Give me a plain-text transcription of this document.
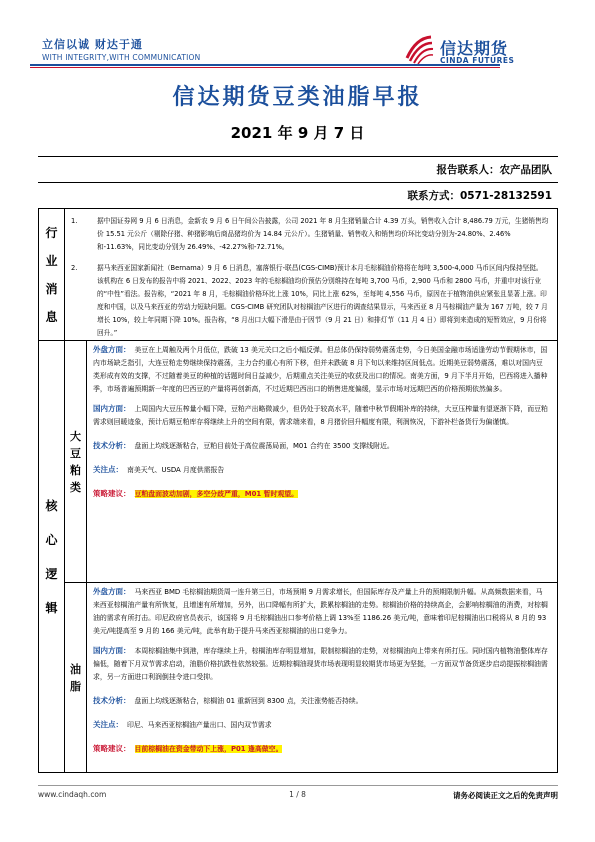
立信以诚 财达于通
WITH INTEGRITY,WITH COMMUNICATION	信达期货
CINDA FUTURES
信达期货豆类油脂早报
2021 年 9 月 7 日
报告联系人：农产品团队
联系方式：0571-28132591
行业消息	1. 据中国证券网 9 月 6 日消息，金新农 9 月 6 日午间公告披露，公司 2021 年 8 月生猪销量合计 4.39 万头，销售收入合计 8,486.79 万元，生猪销售均价 15.51 元公斤（剔除仔猪、种猪影响后商品猪均价为 14.84 元公斤）。生猪销量、销售收入和销售均价环比变动分别为-24.80%、2.46%和-11.63%，同比变动分别为 26.49%、-42.27%和-72.71%。
2. 据马来西亚国家新闻社（Bernama）9 月 6 日消息，塞落银行-联昌(CGS-CIMB)预计本月毛棕榈油价格将在每吨 3,500-4,000 马币区间内保持坚挺。该机构在 6 日发布的报告中将 2021、2022、2023 年的毛棕榈油均价预估分别维持在每吨 3,700 马币，2,900 马币和 2800 马币，并重申对该行业的“中性”看法。报告称，“2021 年 8 月，毛棕榈油价格环比上涨 10%，同比上涨 62%，至每吨 4,556 马币，原因在于植物油供应紧张且显著上涨。印度和中国，以及马来西亚的劳动力短缺问题。CGS-CIMB 研究团队对棕榈油产区进行的调查结果显示，马来西亚 8 月马棕榈油产量为 167 万吨，较 7 月增长 10%，较上年同期下降 10%。报告称，“8 月出口大幅下滑是由于因节（9 月 21 日）和排灯节（11 月 4 日）即将到来造成的短暂效应，9 月份将回升。”	

核心逻辑	大豆粕类	外盘方面： 美豆在上周触及两个月低位，跌破 13 美元关口之后小幅反弹。但总体仍保持弱势震荡走势，今日美国金融市场适逢劳动节假期休市，国内市场缺乏指引，大连豆粕走势继续保持震荡，主力合约重心有所下移，但并未跌破 8 月下旬以来维持区间低点。近期美豆弱势震荡，难以对国内豆类形成有效的支撑，不过随着美豆的种植的话题时间日益减少，后期重点关注美豆的收获及出口的情况。南美方面，9 月下半月开始，巴西将进入播种季，市场普遍预期新一年度的巴西豆的产量将再创新高，不过近期巴西出口的销售进度偏缓，显示市场对远期巴西的价格预期依然偏多。
国内方面： 上周国内大豆压榨量小幅下降，豆粕产出略微减少，但仍处于较高水平，随着中秋节假期补库的持续，大豆压榨量有望逐渐下降，而豆粕需求则回暖迹象，预计后期豆粕库存将继续上升的空间有限，需求端来看，8 月猪价回升幅度有限，利润恢况，下游补栏备货行为偏谨慎。
技术分析： 盘面上均线逐渐粘合，豆粕目前处于高位震荡局面，M01 合约在 3500 支撑线附近。
关注点： 南美天气、USDA 月度供需报告
策略建议： 豆粕盘面波动加剧，多空分歧严重，M01 暂时观望。

	油脂	外盘方面： 马来西亚 BMD 毛棕榈油期货周一连升第三日，市场预期 9 月需求增长，但国际库存及产量上升的预期限制升幅。从高频数据来看，马来西亚棕榈油产量有所恢复，且增速有所增加，另外，出口降幅有所扩大，跌累棕榈油的走势。棕榈油价格的持续高企，会影响棕榈油的消费，对棕榈油的需求有所打击。印尼政府官员表示，该国将 9 月毛棕榈油出口参考价格上调 13%至 1186.26 美元/吨，意味着印尼棕榈油出口税将从 8 月的 93 美元/吨提高至 9 月的 166 美元/吨，此举有助于提升马来西亚棕榈油的出口竞争力。
国内方面： 本周棕榈油集中到港，库存继续上升，棕榈油库存明显增加，限制棕榈油的走势，对棕榈油向上带来有所打压。同时国内植物油整体库存偏低，随着下月双节需求启动，油脂价格抗跌性依然较强。近期棕榈油现货市场表现明显较期货市场更为坚挺，一方面双节备货逐步启动提振棕榈油需求，另一方面进口利润倒挂令进口受抑。
技术分析： 盘面上均线逐渐粘合，棕榈油 01 重新回到 8300 点，关注涨势能否持续。
关注点： 印尼、马来西亚棕榈油产量出口、国内双节需求
策略建议： 目前棕榈油在资金带动下上涨，P01 逢高做空。
www.cindaqh.com	1 / 8	请务必阅读正文之后的免责声明
